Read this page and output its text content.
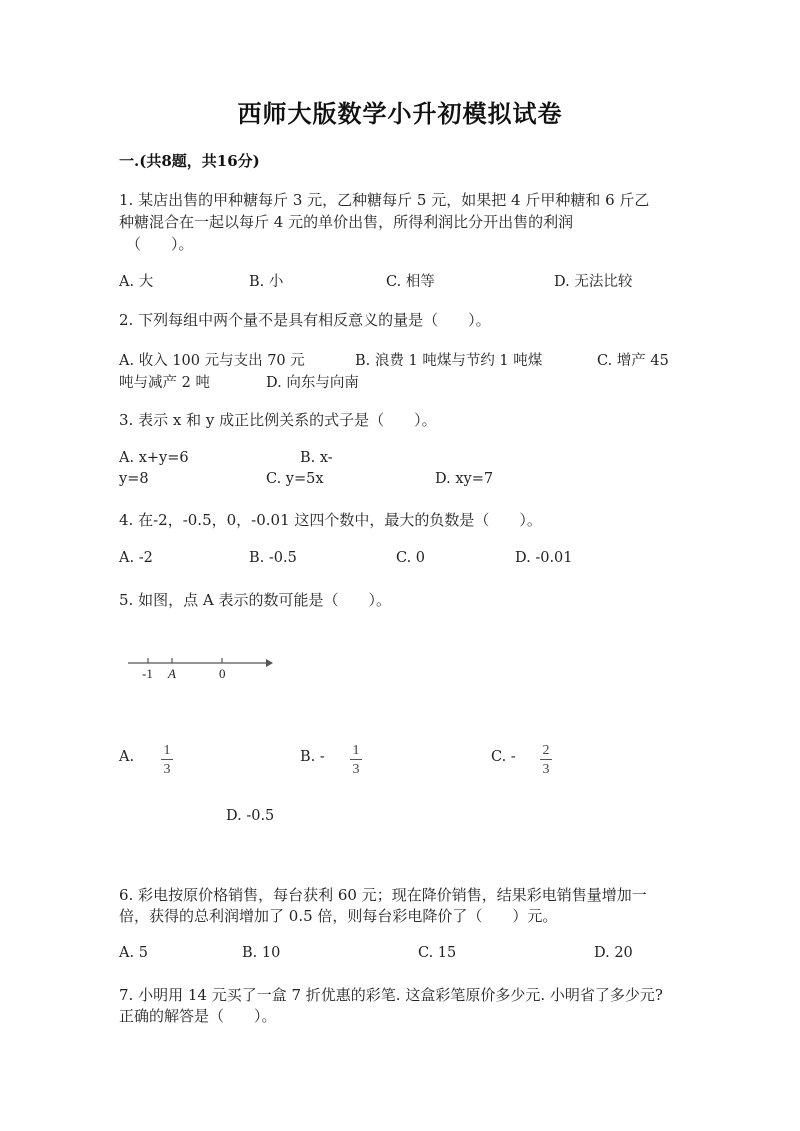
西师大版数学小升初模拟试卷
一.(共8题，共16分)
1. 某店出售的甲种糖每斤 3 元，乙种糖每斤 5 元，如果把 4 斤甲种糖和 6 斤乙
种糖混合在一起以每斤 4 元的单价出售，所得利润比分开出售的利润
（　　）。
A. 大	B. 小	C. 相等	D. 无法比较
2. 下列每组中两个量不是具有相反意义的量是（　　）。
A. 收入 100 元与支出 70 元	B. 浪费 1 吨煤与节约 1 吨煤	C. 增产 45
吨与减产 2 吨	D. 向东与向南
3. 表示 x 和 y 成正比例关系的式子是（　　）。
A. x+y=6	B. x-
y=8	C. y=5x	D. xy=7
4. 在-2，-0.5，0，-0.01 这四个数中，最大的负数是（　　）。
A. -2	B. -0.5	C. 0	D. -0.01
5. 如图，点 A 表示的数可能是（　　）。
-1 A	0
A. 1
3
B. - 1
3
C. - 2
3
D. -0.5
6. 彩电按原价格销售，每台获利 60 元；现在降价销售，结果彩电销售量增加一
倍，获得的总利润增加了 0.5 倍，则每台彩电降价了（　　）元。
A. 5	B. 10	C. 15	D. 20
7. 小明用 14 元买了一盒 7 折优惠的彩笔. 这盒彩笔原价多少元. 小明省了多少元?
正确的解答是（　　）。
